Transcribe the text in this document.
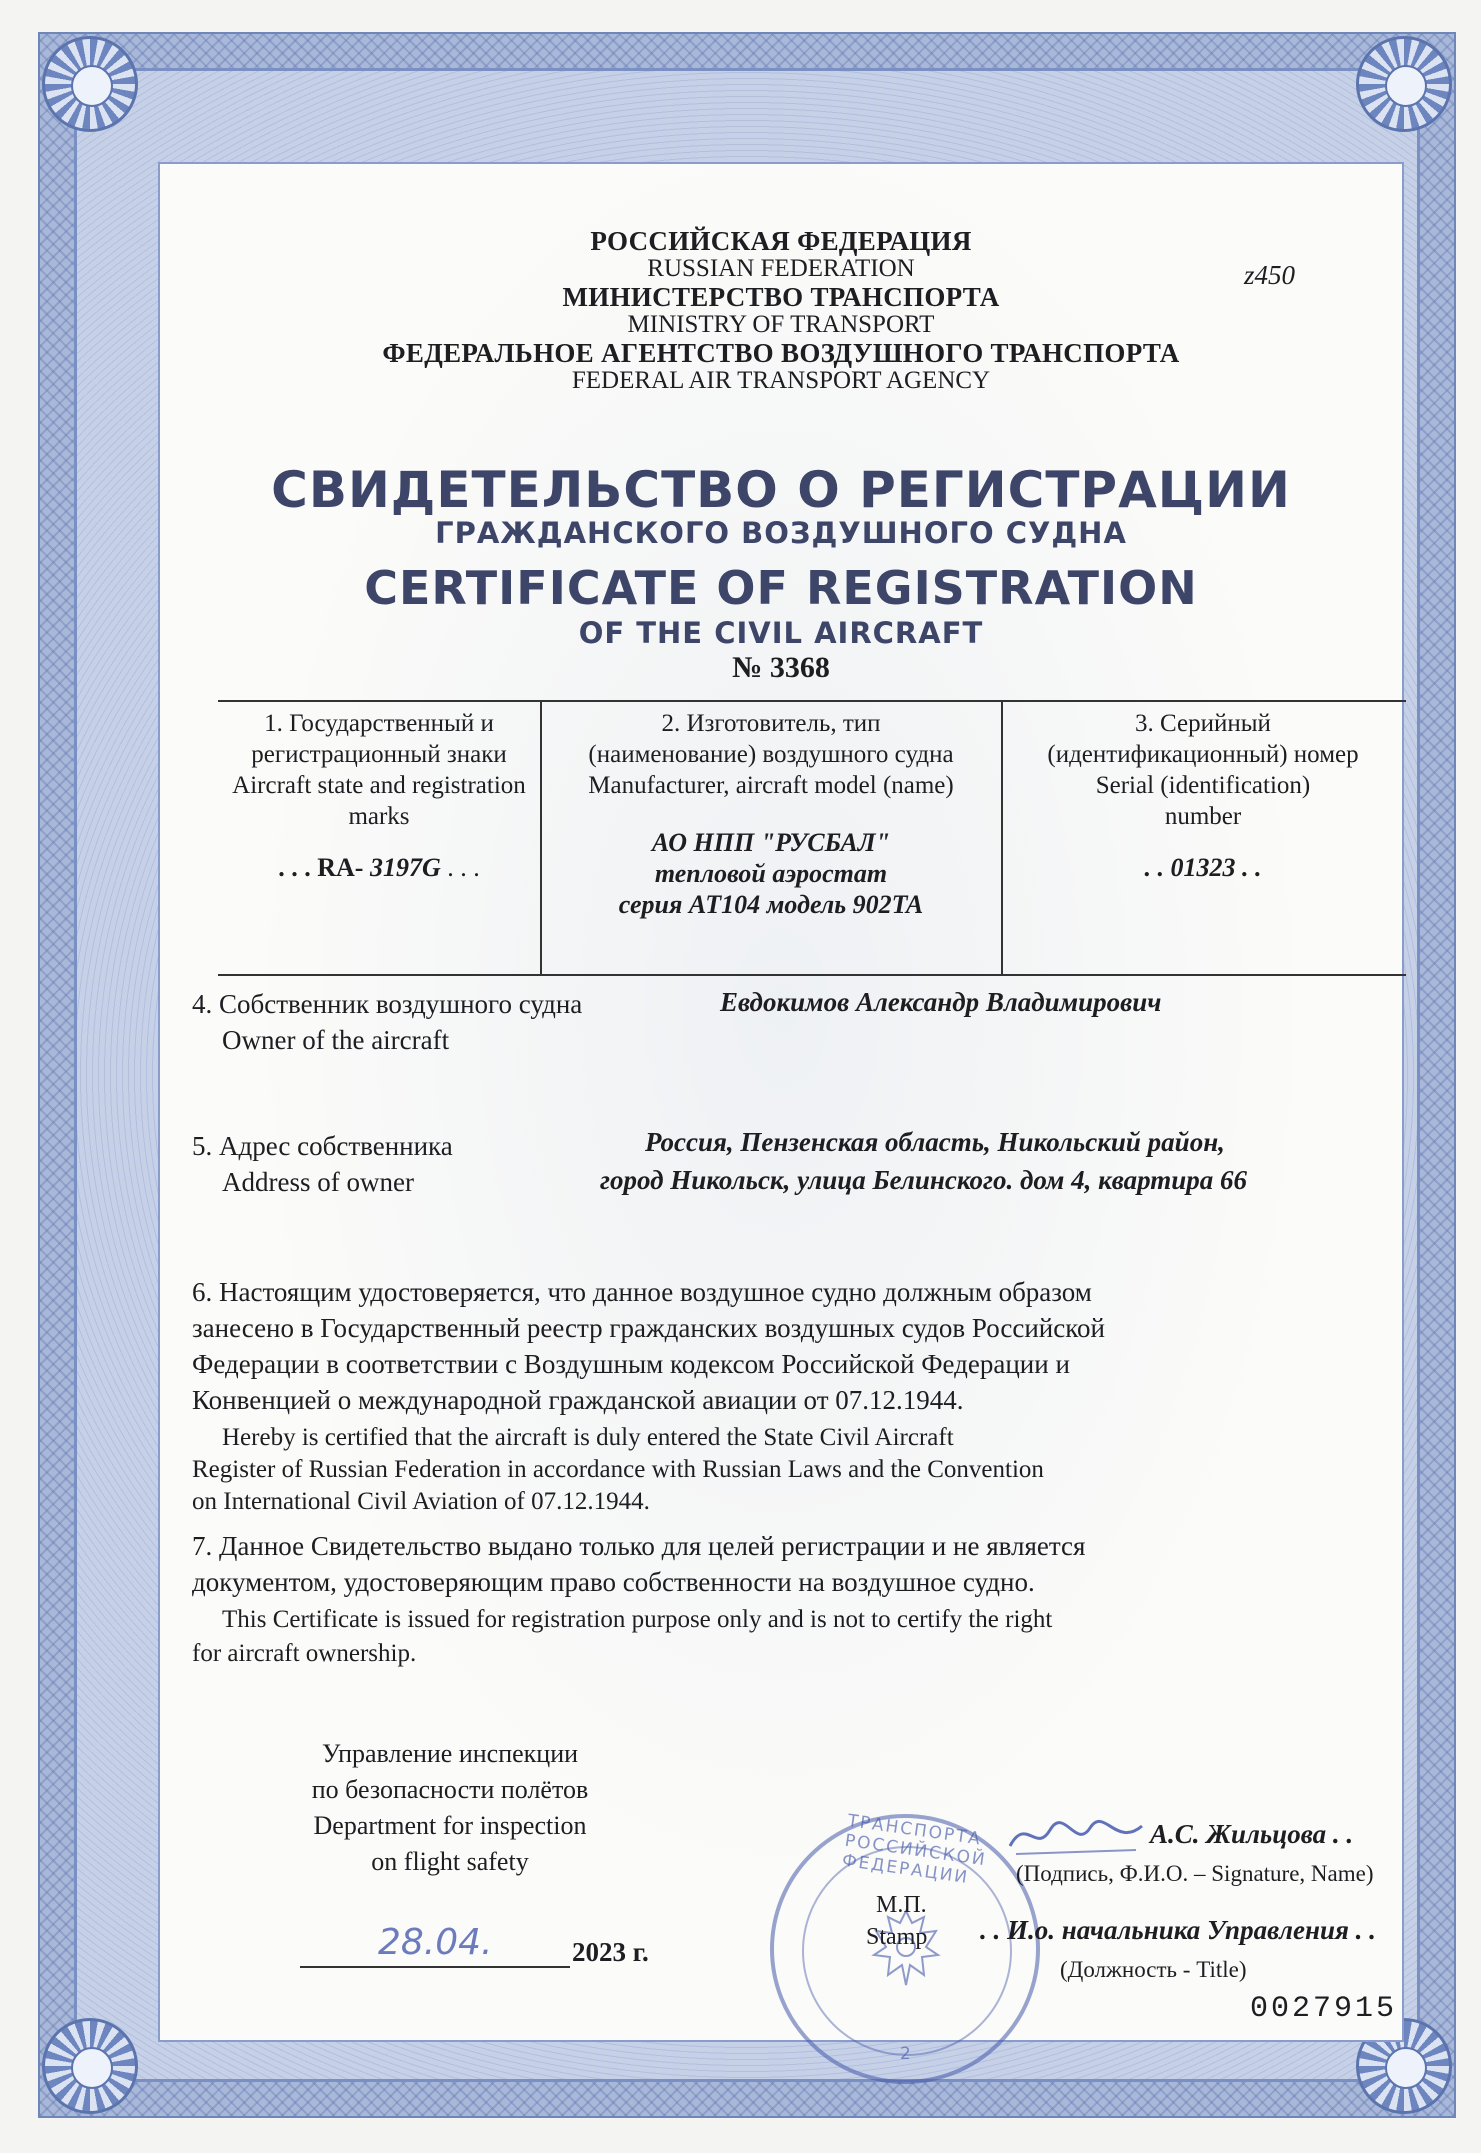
РОССИЙСКАЯ ФЕДЕРАЦИЯ
RUSSIAN FEDERATION
МИНИСТЕРСТВО ТРАНСПОРТА
MINISTRY OF TRANSPORT
ФЕДЕРАЛЬНОЕ АГЕНТСТВО ВОЗДУШНОГО ТРАНСПОРТА
FEDERAL AIR TRANSPORT AGENCY
z450
СВИДЕТЕЛЬСТВО О РЕГИСТРАЦИИ
ГРАЖДАНСКОГО ВОЗДУШНОГО СУДНА
CERTIFICATE OF REGISTRATION
OF THE CIVIL AIRCRAFT
№ 3368
1. Государственный и
регистрационный знаки
Aircraft state and registration
marks
. . . RA- 3197G . . .
2. Изготовитель, тип
(наименование) воздушного судна
Manufacturer, aircraft model (name)
АО НПП "РУСБАЛ"
тепловой аэростат
серия АТ104 модель 902ТА
3. Серийный
(идентификационный) номер
Serial (identification)
number
. . 01323 . .
4. Собственник воздушного судна
Owner of the aircraft
Евдокимов Александр Владимирович
5. Адрес собственника
Address of owner
Россия, Пензенская область, Никольский район,
город Никольск, улица Белинского. дом 4, квартира 66
6. Настоящим удостоверяется, что данное воздушное судно должным образом
занесено в Государственный реестр гражданских воздушных судов Российской
Федерации в соответствии с Воздушным кодексом Российской Федерации и
Конвенцией о международной гражданской авиации от 07.12.1944.
Hereby is certified that the aircraft is duly entered the State Civil Aircraft
Register of Russian Federation in accordance with Russian Laws and the Convention
on International Civil Aviation of 07.12.1944.
7. Данное Свидетельство выдано только для целей регистрации и не является
документом, удостоверяющим право собственности на воздушное судно.
This Certificate is issued for registration purpose only and is not to certify the right
for aircraft ownership.
Управление инспекции
по безопасности полётов
Department for inspection
on flight safety
28.04.	2023 г.
ТРАНСПОРТА РОССИЙСКОЙ ФЕДЕРАЦИИ
2
М.П.
Stamp
А.С. Жильцова . .
(Подпись, Ф.И.О. – Signature, Name)
. . И.о. начальника Управления . .
(Должность - Title)
0027915
